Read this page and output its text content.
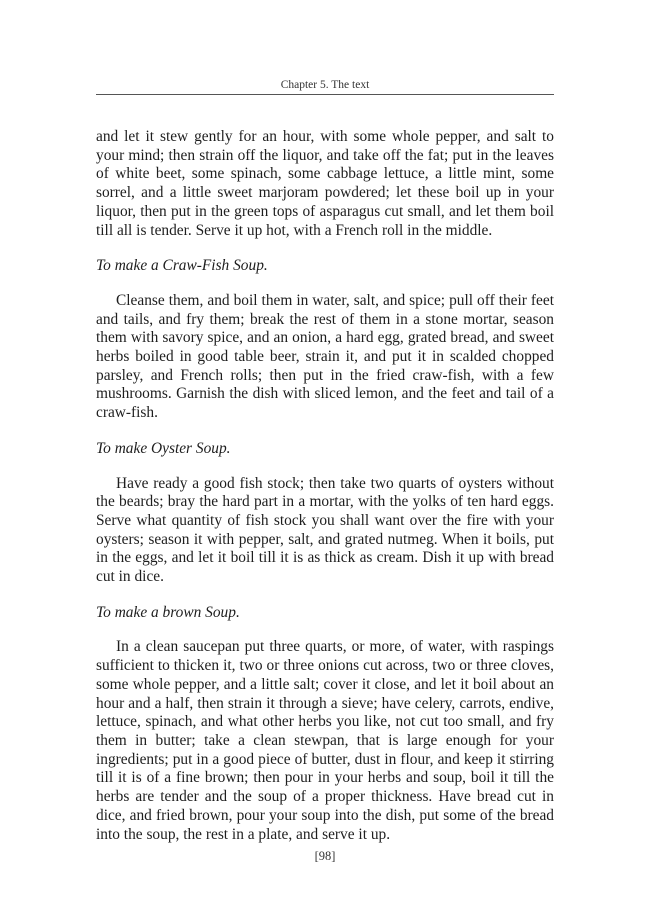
Chapter 5. The text

and let it stew gently for an hour, with some whole pepper, and salt to your mind; then strain off the liquor, and take off the fat; put in the leaves of white beet, some spinach, some cabbage lettuce, a little mint, some sorrel, and a little sweet marjoram powdered; let these boil up in your liquor, then put in the green tops of asparagus cut small, and let them boil till all is tender. Serve it up hot, with a French roll in the middle.

To make a Craw-Fish Soup.

Cleanse them, and boil them in water, salt, and spice; pull off their feet and tails, and fry them; break the rest of them in a stone mortar, season them with savory spice, and an onion, a hard egg, grated bread, and sweet herbs boiled in good table beer, strain it, and put it in scalded chopped parsley, and French rolls; then put in the fried craw-fish, with a few mushrooms. Garnish the dish with sliced lemon, and the feet and tail of a craw-fish.

To make Oyster Soup.

Have ready a good fish stock; then take two quarts of oysters without the beards; bray the hard part in a mortar, with the yolks of ten hard eggs. Serve what quantity of fish stock you shall want over the fire with your oysters; season it with pepper, salt, and grated nutmeg. When it boils, put in the eggs, and let it boil till it is as thick as cream. Dish it up with bread cut in dice.

To make a brown Soup.

In a clean saucepan put three quarts, or more, of water, with raspings sufficient to thicken it, two or three onions cut across, two or three cloves, some whole pepper, and a little salt; cover it close, and let it boil about an hour and a half, then strain it through a sieve; have celery, carrots, endive, lettuce, spinach, and what other herbs you like, not cut too small, and fry them in butter; take a clean stewpan, that is large enough for your ingredients; put in a good piece of butter, dust in flour, and keep it stirring till it is of a fine brown; then pour in your herbs and soup, boil it till the herbs are tender and the soup of a proper thickness. Have bread cut in dice, and fried brown, pour your soup into the dish, put some of the bread into the soup, the rest in a plate, and serve it up.

[98]
